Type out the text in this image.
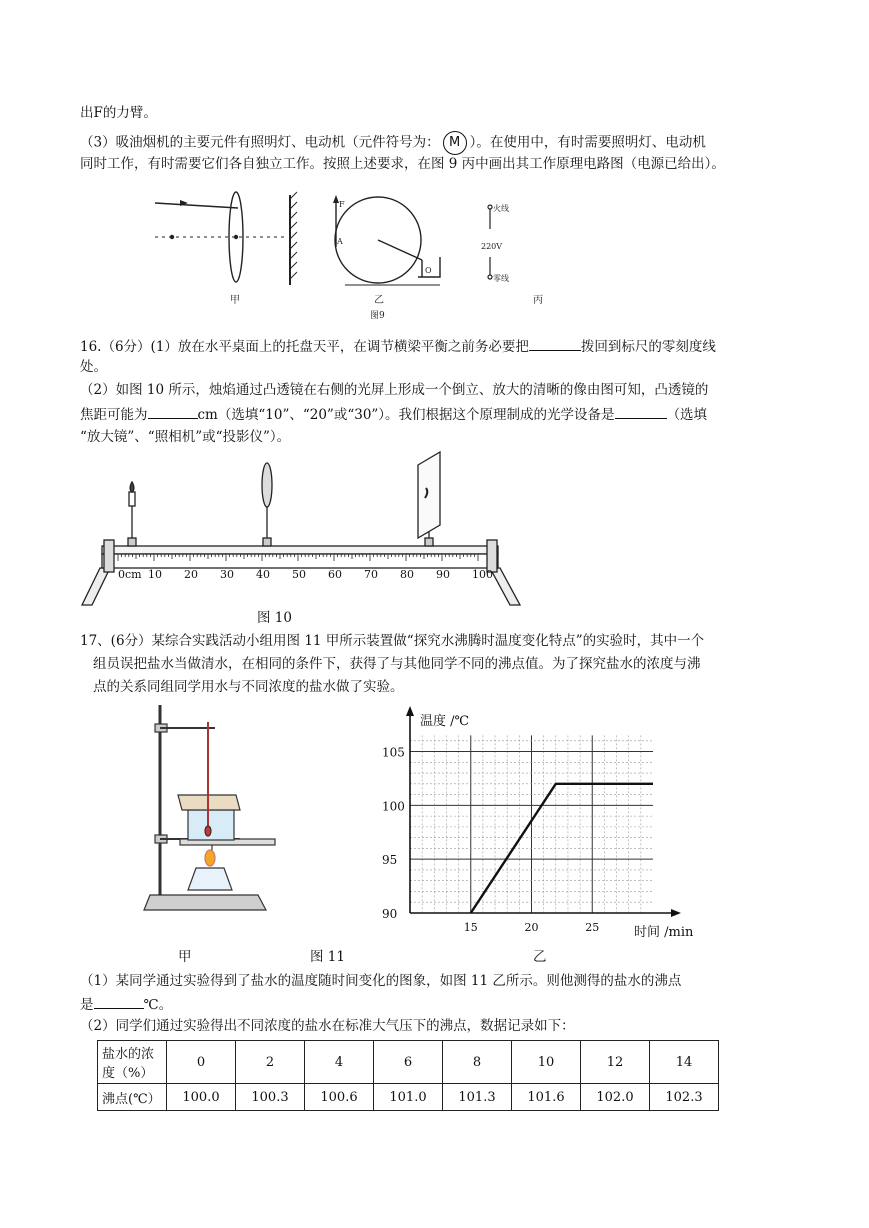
出F的力臂。
（3）吸油烟机的主要元件有照明灯、电动机（元件符号为： M ）。在使用中，有时需要照明灯、电动机
同时工作，有时需要它们各自独立工作。按照上述要求，在图 9 丙中画出其工作原理电路图（电源已给出）。
甲
F
A
O
乙
图9
火线
220V
零线
丙
16.（6分）(1）放在水平桌面上的托盘天平，在调节横梁平衡之前务必要把	拨回到标尺的零刻度线
处。
（2）如图 10 所示，烛焰通过凸透镜在右侧的光屏上形成一个倒立、放大的清晰的像由图可知，凸透镜的
焦距可能为	cm（选填“10”、“20”或“30”）。我们根据这个原理制成的光学设备是	（选填
“放大镜”、“照相机”或“投影仪”）。
0cm 10 20 30 40 50 60 70 80 90 100
图 10
17、(6分）某综合实践活动小组用图 11 甲所示装置做“探究水沸腾时温度变化特点”的实验时，其中一个
组员误把盐水当做清水，在相同的条件下，获得了与其他同学不同的沸点值。为了探究盐水的浓度与沸
点的关系同组同学用水与不同浓度的盐水做了实验。
90
95
100
105
15	20	25
温度 /℃
时间 /min
甲	图 11	乙
（1）某同学通过实验得到了盐水的温度随时间变化的图象，如图 11 乙所示。则他测得的盐水的沸点
是	℃。
（2）同学们通过实验得出不同浓度的盐水在标准大气压下的沸点，数据记录如下：
盐水的浓
度（%）	0	2	4	6	8	10	12	14
沸点(℃）	100.0	100.3	100.6	101.0	101.3	101.6	102.0	102.3
